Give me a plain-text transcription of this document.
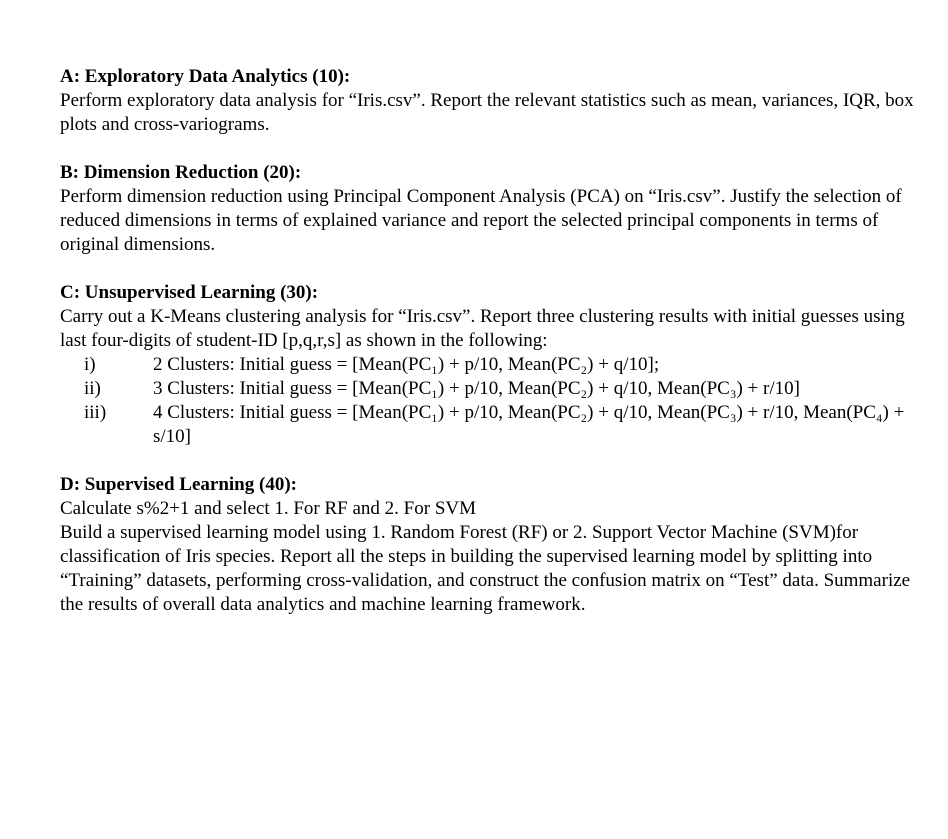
A: Exploratory Data Analytics (10):

Perform exploratory data analysis for “Iris.csv”. Report the relevant statistics such as mean, variances, IQR, box plots and cross-variograms.

B: Dimension Reduction (20):

Perform dimension reduction using Principal Component Analysis (PCA) on “Iris.csv”. Justify the selection of reduced dimensions in terms of explained variance and report the selected principal components in terms of original dimensions.

C: Unsupervised Learning (30):

Carry out a K-Means clustering analysis for “Iris.csv”. Report three clustering results with initial guesses using last four-digits of student-ID [p,q,r,s] as shown in the following:

i)	2 Clusters: Initial guess = [Mean(PC₁) + p/10, Mean(PC₂) + q/10];
ii)	3 Clusters: Initial guess = [Mean(PC₁) + p/10, Mean(PC₂) + q/10, Mean(PC₃) + r/10]
iii)	4 Clusters: Initial guess = [Mean(PC₁) + p/10, Mean(PC₂) + q/10, Mean(PC₃) + r/10, Mean(PC₄) + s/10]

D: Supervised Learning (40):

Calculate s%2+1 and select 1. For RF and 2. For SVM

Build a supervised learning model using 1. Random Forest (RF) or 2. Support Vector Machine (SVM)for classification of Iris species. Report all the steps in building the supervised learning model by splitting into “Training” datasets, performing cross-validation, and construct the confusion matrix on “Test” data. Summarize the results of overall data analytics and machine learning framework.
